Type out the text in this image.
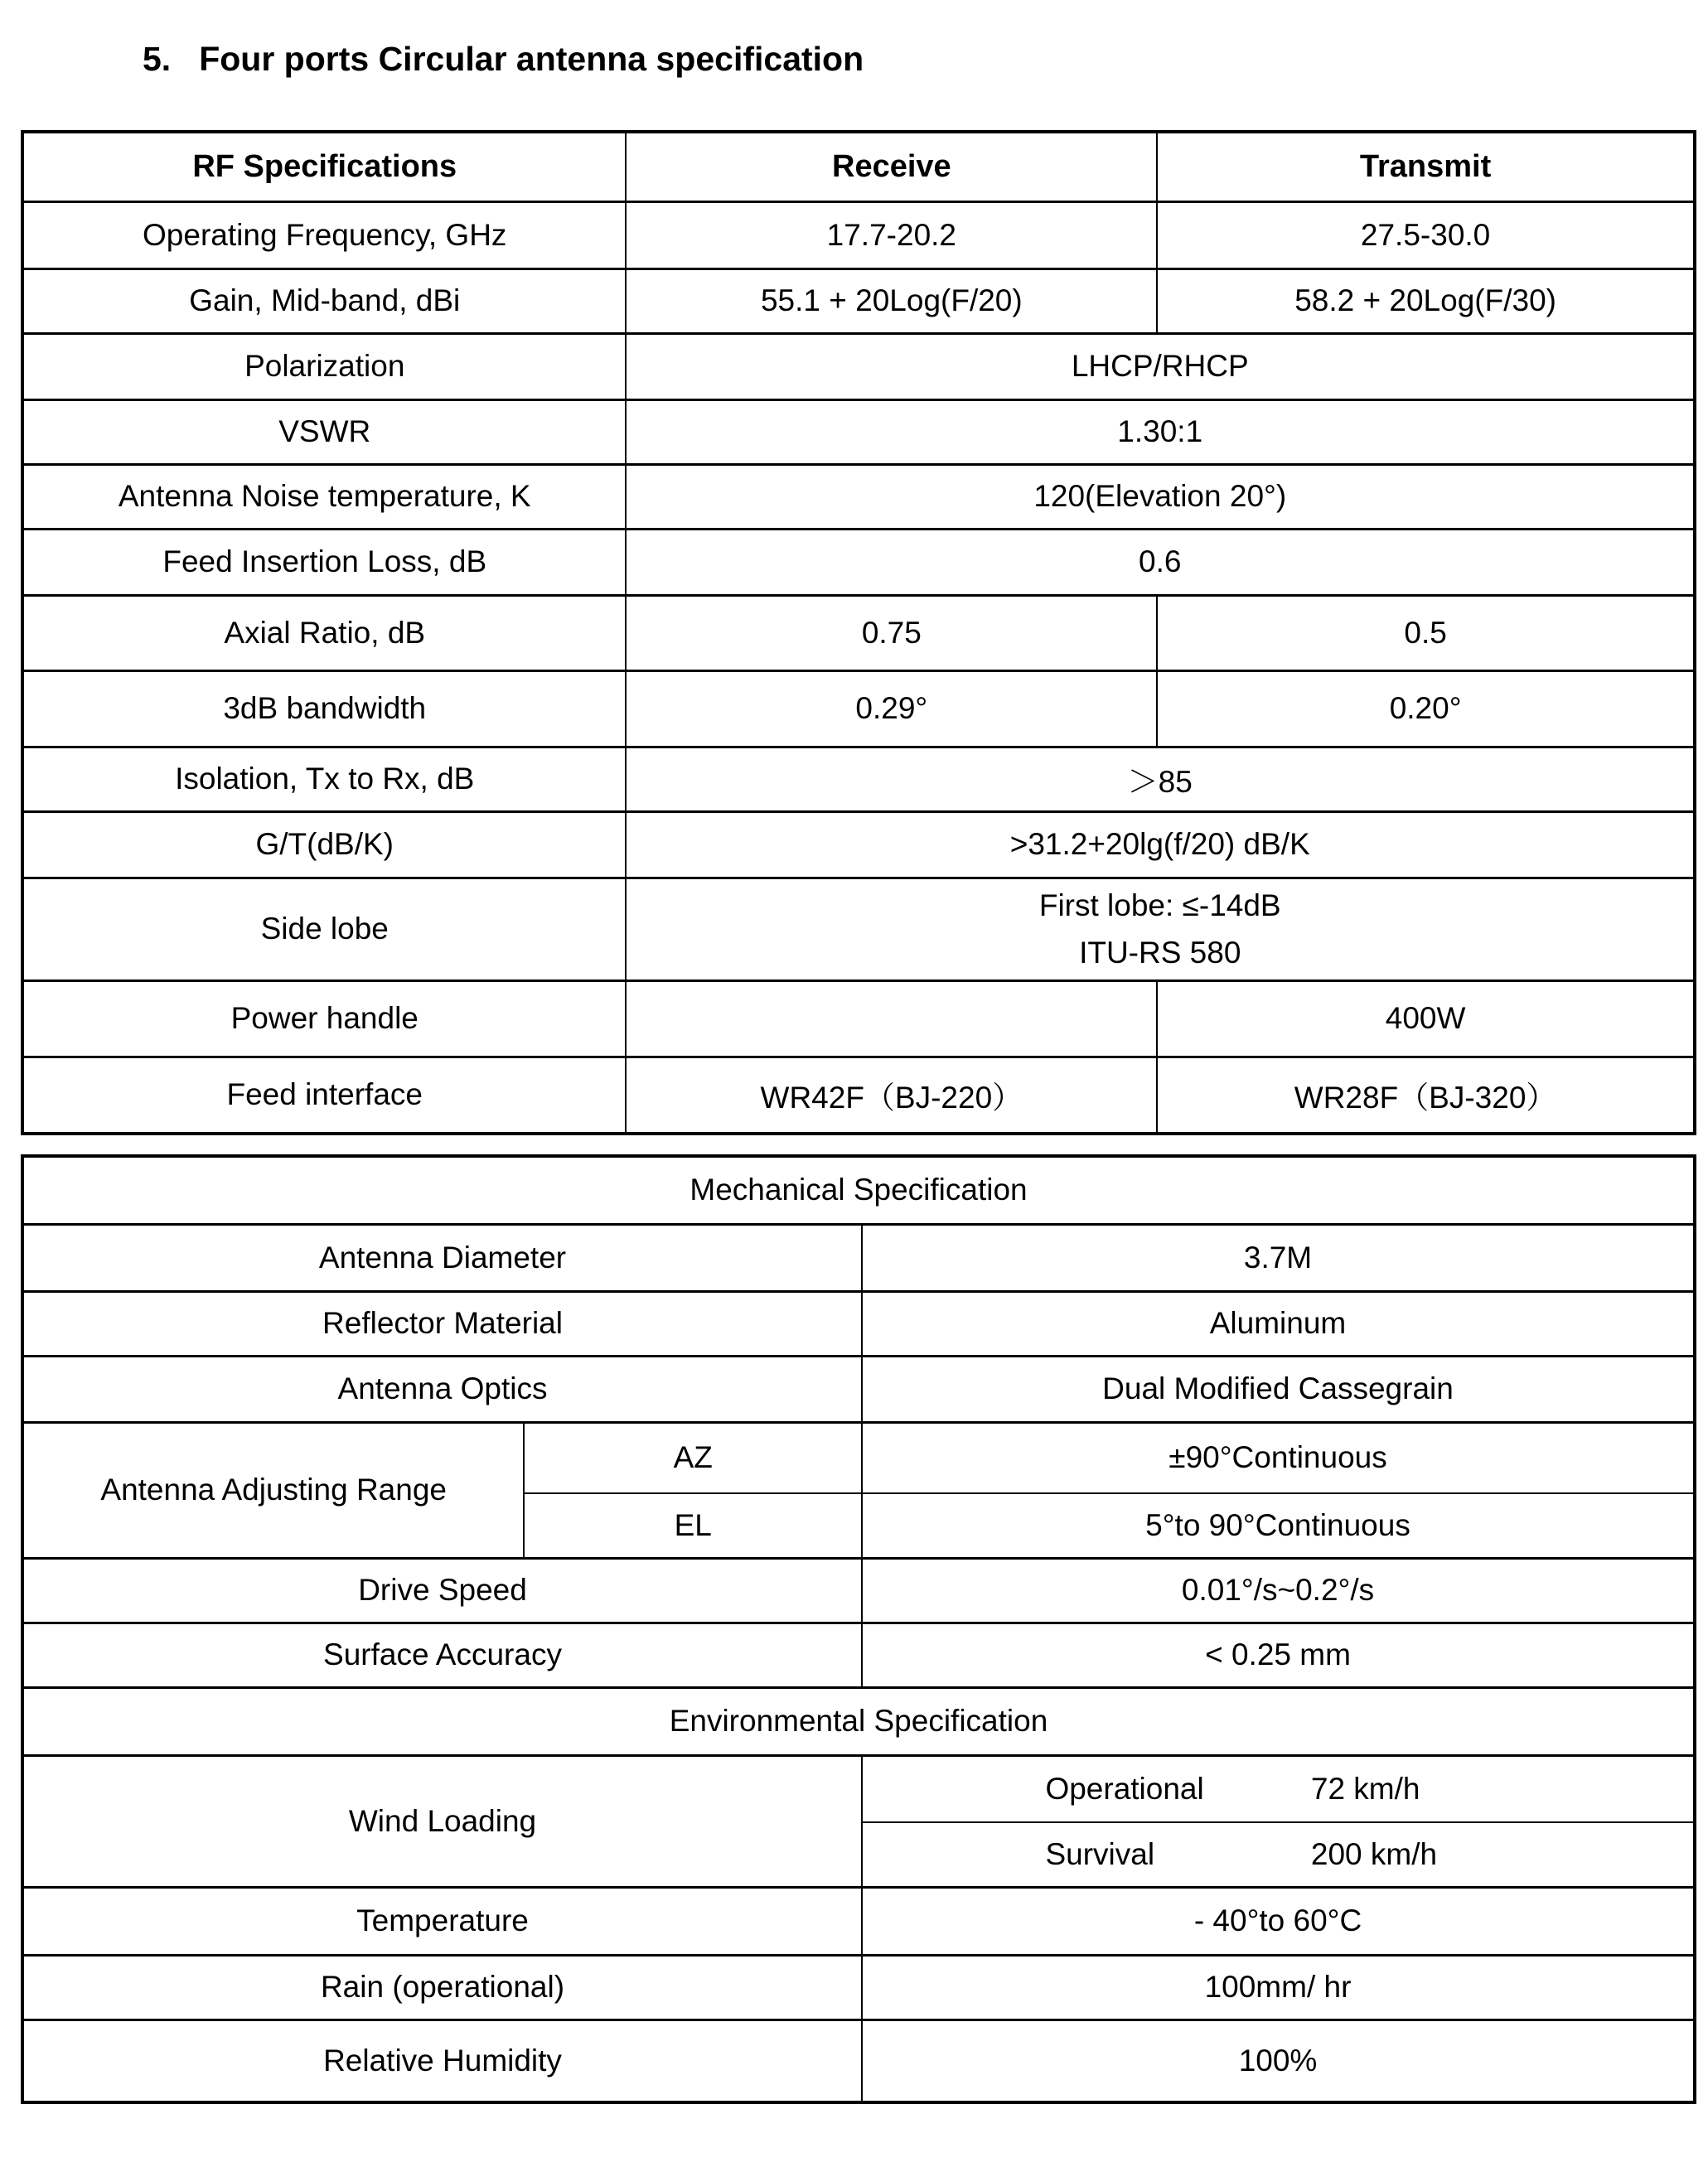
5. Four ports Circular antenna specification
RF Specifications	Receive	Transmit
Operating Frequency, GHz	17.7-20.2	27.5-30.0
Gain, Mid-band, dBi	55.1 + 20Log(F/20)	58.2 + 20Log(F/30)
Polarization	LHCP/RHCP	
VSWR	1.30:1	
Antenna Noise temperature, K	120(Elevation 20°)	
Feed Insertion Loss, dB	0.6	
Axial Ratio, dB	0.75	0.5
3dB bandwidth	0.29°	0.20°
Isolation, Tx to Rx, dB	＞85	
G/T(dB/K)	>31.2+20lg(f/20) dB/K	
Side lobe	First lobe: ≤-14dB
ITU-RS 580	

Power handle		400W
Feed interface	WR42F（BJ-220）	WR28F（BJ-320）
Mechanical Specification		
Antenna Diameter		3.7M
Reflector Material		Aluminum
Antenna Optics		Dual Modified Cassegrain
Antenna Adjusting Range	AZ	±90°Continuous
	EL	5°to 90°Continuous
Drive Speed		0.01°/s~0.2°/s
Surface Accuracy		< 0.25 mm
Environmental Specification		
Wind Loading		Operational 72 km/h

		Survival 200 km/h

Temperature		- 40°to 60°C
Rain (operational)		100mm/ hr
Relative Humidity		100%
